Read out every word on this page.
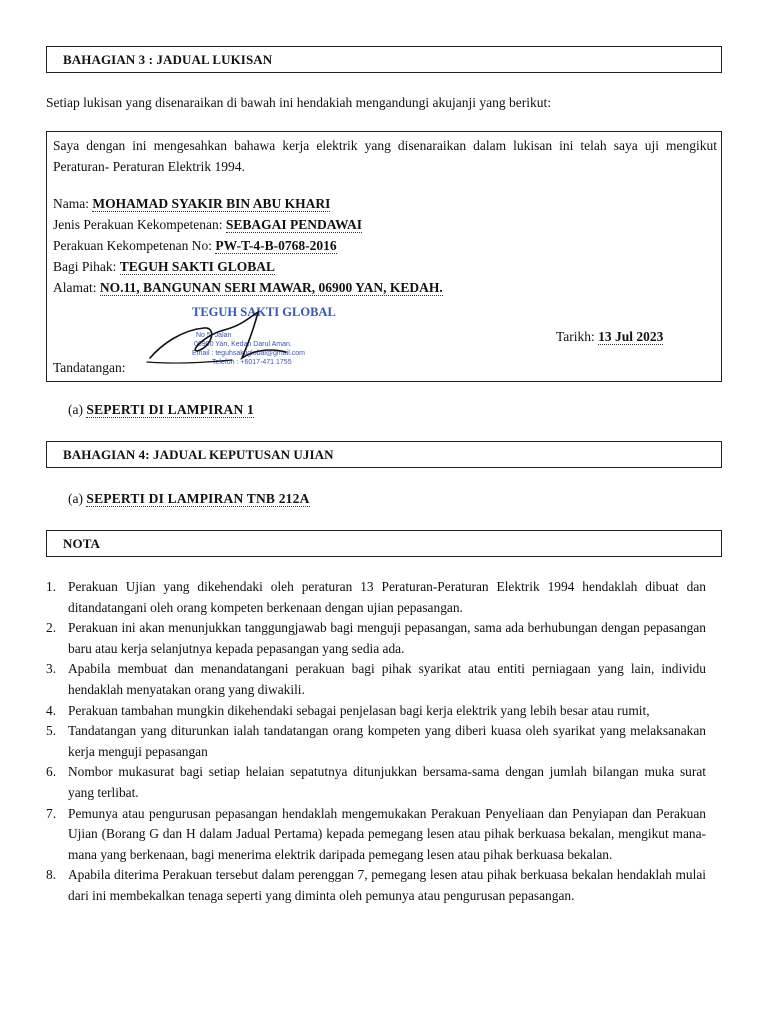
BAHAGIAN 3 : JADUAL LUKISAN
Setiap lukisan yang disenaraikan di bawah ini hendakiah mengandungi akujanji yang berikut:
Saya dengan ini mengesahkan bahawa kerja elektrik yang disenaraikan dalam lukisan ini telah saya uji mengikut Peraturan- Peraturan Elektrik 1994.
Nama: MOHAMAD SYAKIR BIN ABU KHARI
Jenis Perakuan Kekompetenan: SEBAGAI PENDAWAI
Perakuan Kekompetenan No: PW-T-4-B-0768-2016
Bagi Pihak: TEGUH SAKTI GLOBAL
Alamat: NO.11, BANGUNAN SERI MAWAR, 06900 YAN, KEDAH.
TEGUH SAKTI GLOBAL
No 5, Jalan
06900 Yan, Kedah Darul Aman.
Email : teguhsaktiglobal@gmail.com
Telefon : +6017-471 1755
Tarikh: 13 Jul 2023
Tandatangan:
(a) SEPERTI DI LAMPIRAN 1
BAHAGIAN 4: JADUAL KEPUTUSAN UJIAN
(a) SEPERTI DI LAMPIRAN TNB 212A
NOTA
1. Perakuan Ujian yang dikehendaki oleh peraturan 13 Peraturan-Peraturan Elektrik 1994 hendaklah dibuat dan ditandatangani oleh orang kompeten berkenaan dengan ujian pepasangan.
2. Perakuan ini akan menunjukkan tanggungjawab bagi menguji pepasangan, sama ada berhubungan dengan pepasangan baru atau kerja selanjutnya kepada pepasangan yang sedia ada.
3. Apabila membuat dan menandatangani perakuan bagi pihak syarikat atau entiti perniagaan yang lain, individu hendaklah menyatakan orang yang diwakili.
4. Perakuan tambahan mungkin dikehendaki sebagai penjelasan bagi kerja elektrik yang lebih besar atau rumit,
5. Tandatangan yang diturunkan ialah tandatangan orang kompeten yang diberi kuasa oleh syarikat yang melaksanakan kerja menguji pepasangan
6. Nombor mukasurat bagi setiap helaian sepatutnya ditunjukkan bersama-sama dengan jumlah bilangan muka surat yang terlibat.
7. Pemunya atau pengurusan pepasangan hendaklah mengemukakan Perakuan Penyeliaan dan Penyiapan dan Perakuan Ujian (Borang G dan H dalam Jadual Pertama) kepada pemegang lesen atau pihak berkuasa bekalan, mengikut mana-mana yang berkenaan, bagi menerima elektrik daripada pemegang lesen atau pihak berkuasa bekalan.
8. Apabila diterima Perakuan tersebut dalam perenggan 7, pemegang lesen atau pihak berkuasa bekalan hendaklah mulai dari ini membekalkan tenaga seperti yang diminta oleh pemunya atau pengurusan pepasangan.
